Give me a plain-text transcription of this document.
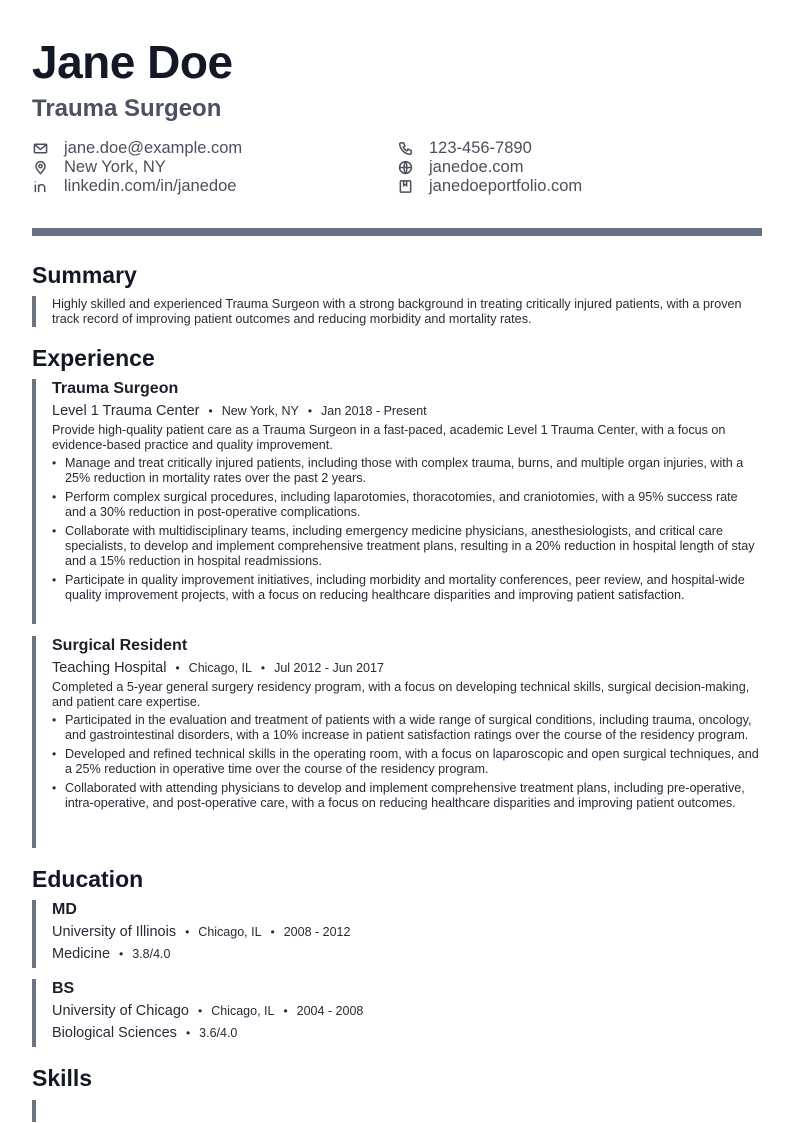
Jane Doe
Trauma Surgeon
jane.doe@example.com
New York, NY
linkedin.com/in/janedoe
123-456-7890
janedoe.com
janedoeportfolio.com
Summary

Highly skilled and experienced Trauma Surgeon with a strong background in treating critically injured patients, with a proven track record of improving patient outcomes and reducing morbidity and mortality rates.

Experience

Trauma Surgeon

Level 1 Trauma Center • New York, NY • Jan 2018 - Present

Provide high-quality patient care as a Trauma Surgeon in a fast-paced, academic Level 1 Trauma Center, with a focus on evidence-based practice and quality improvement.

• Manage and treat critically injured patients, including those with complex trauma, burns, and multiple organ injuries, with a 25% reduction in mortality rates over the past 2 years.
• Perform complex surgical procedures, including laparotomies, thoracotomies, and craniotomies, with a 95% success rate and a 30% reduction in post-operative complications.
• Collaborate with multidisciplinary teams, including emergency medicine physicians, anesthesiologists, and critical care specialists, to develop and implement comprehensive treatment plans, resulting in a 20% reduction in hospital length of stay and a 15% reduction in hospital readmissions.
• Participate in quality improvement initiatives, including morbidity and mortality conferences, peer review, and hospital-wide quality improvement projects, with a focus on reducing healthcare disparities and improving patient satisfaction.

Surgical Resident

Teaching Hospital • Chicago, IL • Jul 2012 - Jun 2017

Completed a 5-year general surgery residency program, with a focus on developing technical skills, surgical decision-making, and patient care expertise.

• Participated in the evaluation and treatment of patients with a wide range of surgical conditions, including trauma, oncology, and gastrointestinal disorders, with a 10% increase in patient satisfaction ratings over the course of the residency program.
• Developed and refined technical skills in the operating room, with a focus on laparoscopic and open surgical techniques, and a 25% reduction in operative time over the course of the residency program.
• Collaborated with attending physicians to develop and implement comprehensive treatment plans, including pre-operative, intra-operative, and post-operative care, with a focus on reducing healthcare disparities and improving patient outcomes.
Education

MD

University of Illinois • Chicago, IL • 2008 - 2012
Medicine • 3.8/4.0

BS

University of Chicago • Chicago, IL • 2004 - 2008
Biological Sciences • 3.6/4.0
Skills
